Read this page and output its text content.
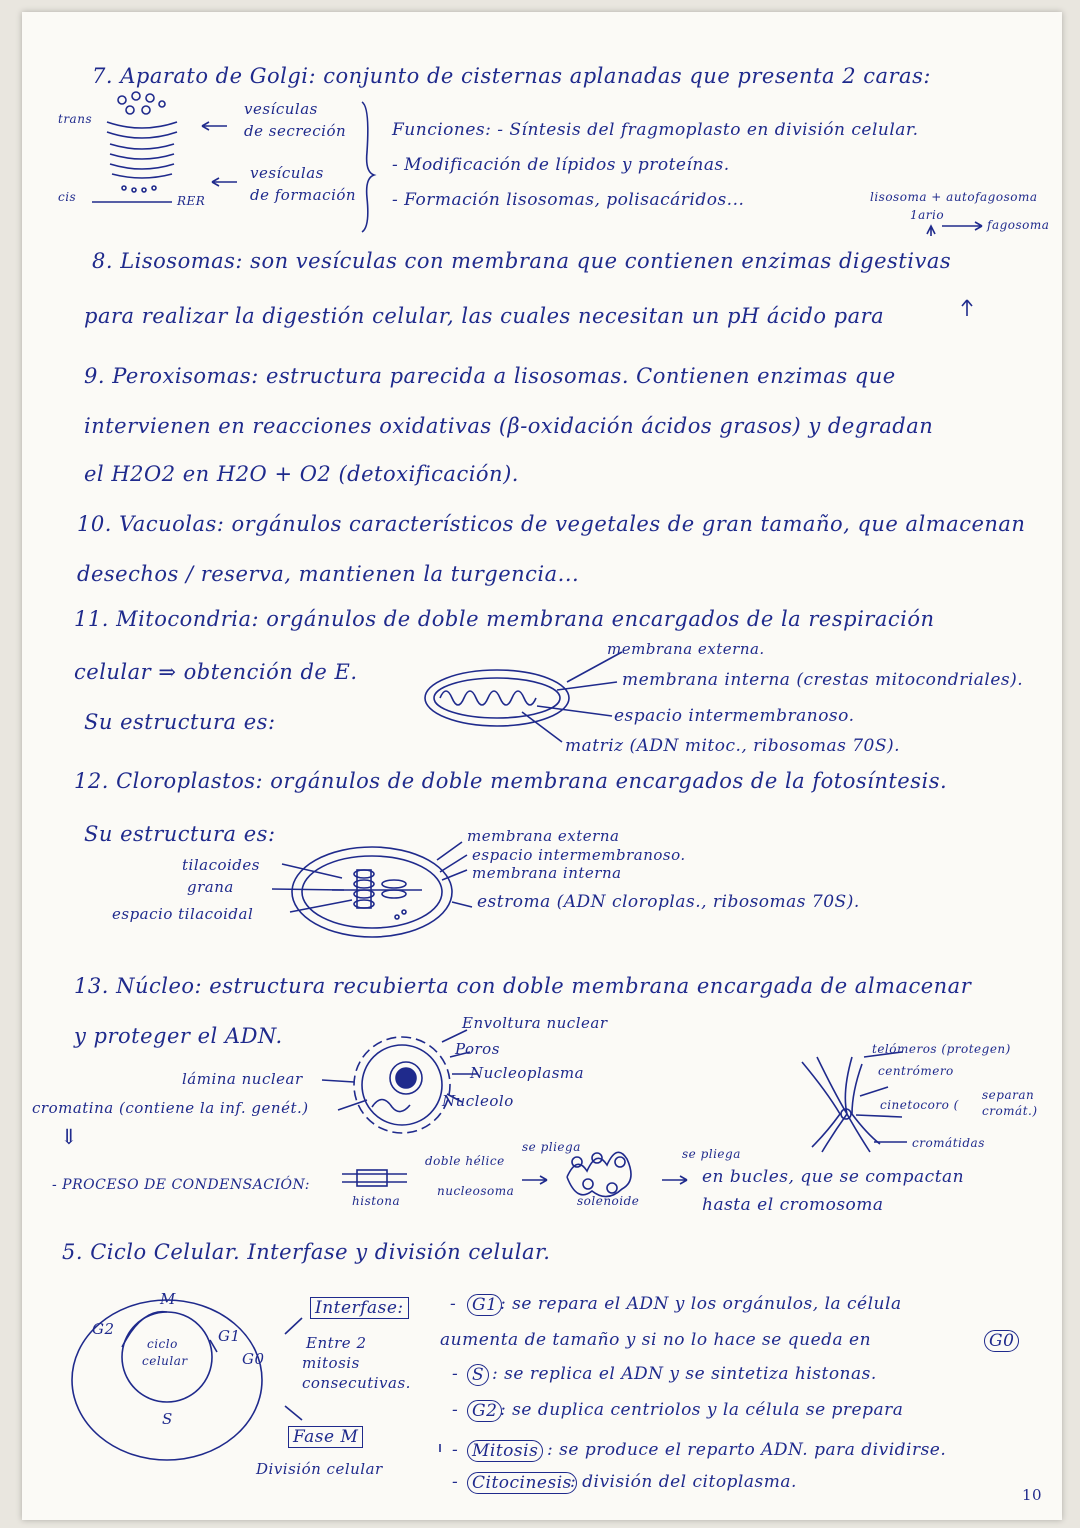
7. Aparato de Golgi: conjunto de cisternas aplanadas que presenta 2 caras:
trans
cis	RER
vesículas
de secreción
vesículas
de formación
Funciones: - Síntesis del fragmoplasto en división celular.
- Modificación de lípidos y proteínas.
- Formación lisosomas, polisacáridos...	lisosoma + autofagosoma
1ario
fagosoma
8. Lisosomas: son vesículas con membrana que contienen enzimas digestivas
para realizar la digestión celular, las cuales necesitan un pH ácido para
9. Peroxisomas: estructura parecida a lisosomas. Contienen enzimas que
intervienen en reacciones oxidativas (β-oxidación ácidos grasos) y degradan
el H2O2 en H2O + O2 (detoxificación).
10. Vacuolas: orgánulos característicos de vegetales de gran tamaño, que almacenan
desechos / reserva, mantienen la turgencia...
11. Mitocondria: orgánulos de doble membrana encargados de la respiración
celular ⇒ obtención de E.
Su estructura es:
membrana externa.
membrana interna (crestas mitocondriales).
espacio intermembranoso.
matriz (ADN mitoc., ribosomas 70S).
12. Cloroplastos: orgánulos de doble membrana encargados de la fotosíntesis.
Su estructura es:	membrana externa
espacio intermembranoso.
membrana interna
estroma (ADN cloroplas., ribosomas 70S).
tilacoides
grana
espacio tilacoidal
13. Núcleo: estructura recubierta con doble membrana encargada de almacenar
y proteger el ADN.
Envoltura nuclear
Poros
Nucleoplasma
Nucleolo
lámina nuclear
cromatina (contiene la inf. genét.)
telómeros (protegen)
centrómero
cinetocoro (
separan
cromát.)
cromátidas
⇓
- PROCESO DE CONDENSACIÓN:
histona
doble hélice
nucleosoma
se pliega
solenoide
se pliega
en bucles, que se compactan
hasta el cromosoma
5. Ciclo Celular. Interfase y división celular.
M
G2	G1
G0
S
ciclo
celular
Interfase:
Entre 2
mitosis
consecutivas.
Fase M
División celular
- G1 : se repara el ADN y los orgánulos, la célula
aumenta de tamaño y si no lo hace se queda en	G0
- S : se replica el ADN y se sintetiza histonas.
- G2 : se duplica centriolos y la célula se prepara
- Mitosis : se produce el reparto ADN. para dividirse.
- Citocinesis
: división del citoplasma.
10
